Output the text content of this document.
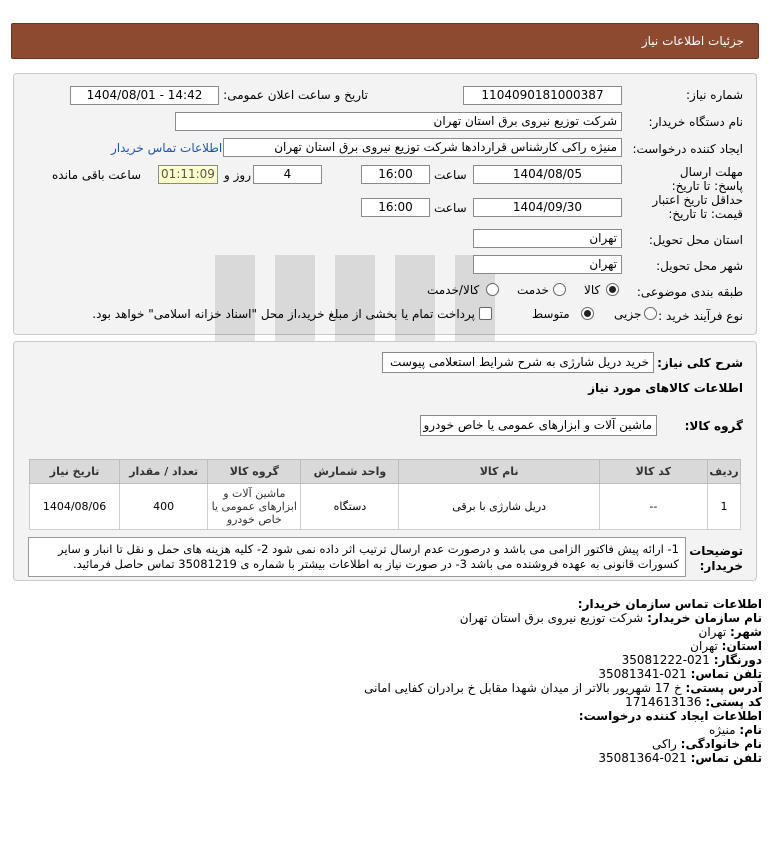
جزئیات اطلاعات نیاز
شماره نیاز:
1104090181000387
تاریخ و ساعت اعلان عمومی:
1404/08/01 - 14:42
نام دستگاه خریدار:
شرکت توزیع نیروی برق استان تهران
ایجاد کننده درخواست:
منیژه راکی کارشناس قراردادها شرکت توزیع نیروی برق استان تهران
اطلاعات تماس خریدار
مهلت ارسال پاسخ: تا تاریخ:
1404/08/05
ساعت
16:00
4
روز و
01:11:09
ساعت باقی مانده
حداقل تاریخ اعتبار قیمت: تا تاریخ:
1404/09/30
ساعت
16:00
استان محل تحویل:
تهران
شهر محل تحویل:
تهران
طبقه بندی موضوعی:
کالا
خدمت
کالا/خدمت
نوع فرآیند خرید :
جزیی
متوسط
پرداخت تمام یا بخشی از مبلغ خرید،از محل "اسناد خزانه اسلامی" خواهد بود.
شرح کلی نیاز:
خرید دریل شارژی به شرح شرایط استعلامی پیوست
اطلاعات کالاهای مورد نیاز
گروه کالا:
ماشین آلات و ابزارهای عمومی یا خاص خودرو
تاریخ نیاز	تعداد / مقدار	گروه کالا	واحد شمارش	نام کالا	کد کالا	ردیف
1404/08/06	400	ماشین آلات و ابزارهای عمومی یا خاص خودرو	دستگاه	دریل شارژی با برقی	--	1
توضیحات خریدار:
1- ارائه پیش فاکتور الزامی می باشد و درصورت عدم ارسال ترتیب اثر داده نمی شود 2- کلیه هزینه های حمل و نقل تا انبار و سایر کسورات قانونی به عهده فروشنده می باشد 3- در صورت نیاز به اطلاعات بیشتر با شماره ی 35081219 تماس حاصل فرمائید.
اطلاعات تماس سازمان خریدار:
نام سازمان خریدار: شرکت توزیع نیروی برق استان تهران
شهر: تهران
استان: تهران
دورنگار: 021-35081222
تلفن تماس: 021-35081341
آدرس پستی: خ 17 شهریور بالاتر از میدان شهدا مقابل خ برادران کفایی امانی
کد پستی: 1714613136
اطلاعات ایجاد کننده درخواست:
نام: منیژه
نام خانوادگی: راکی
تلفن تماس: 021-35081364
